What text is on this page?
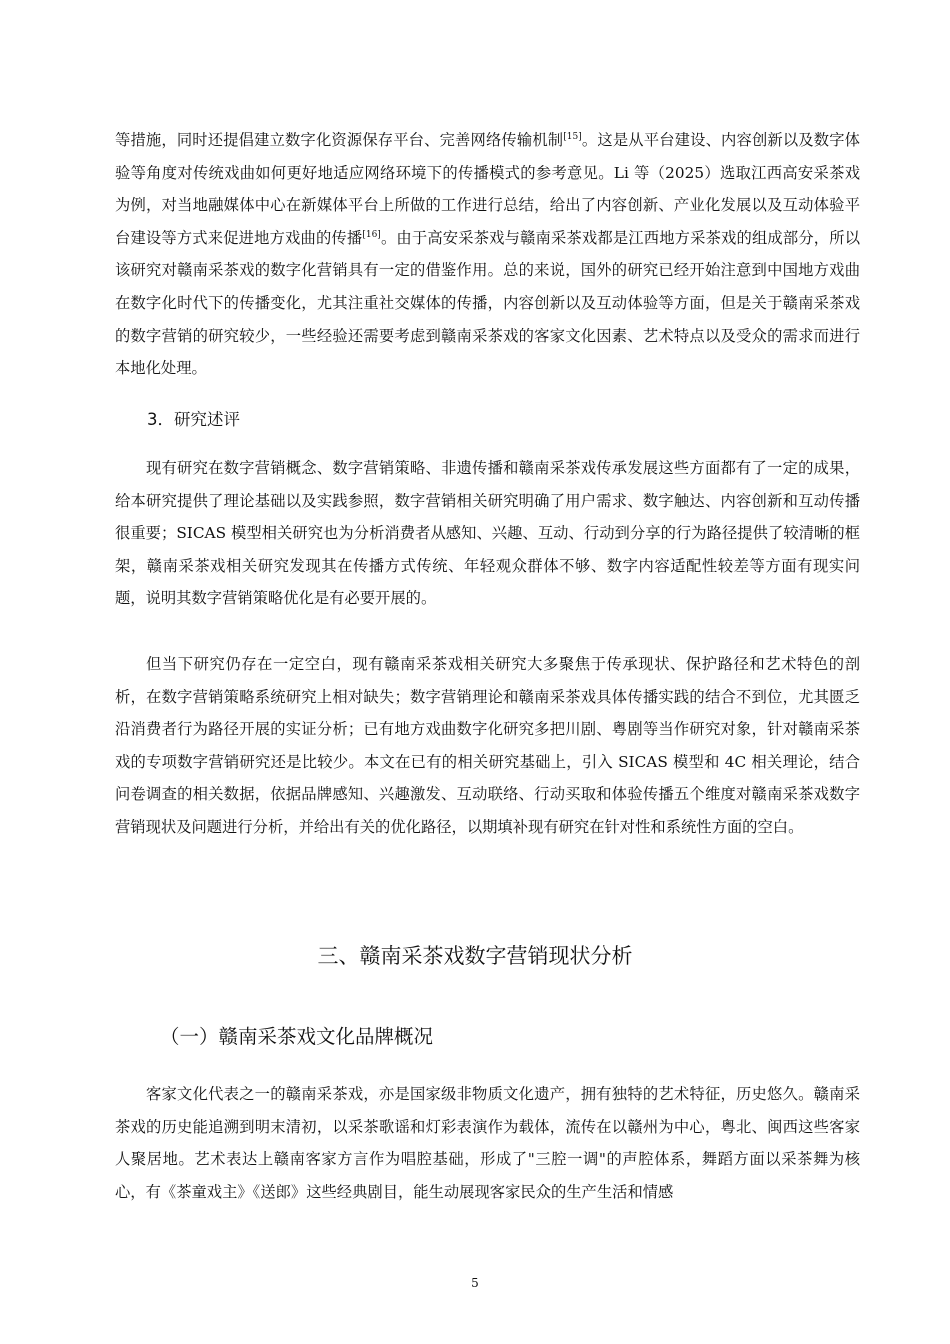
等措施，同时还提倡建立数字化资源保存平台、完善网络传输机制[15]。这是从平台建设、内容创新以及数字体验等角度对传统戏曲如何更好地适应网络环境下的传播模式的参考意见。Li 等（2025）选取江西高安采茶戏为例，对当地融媒体中心在新媒体平台上所做的工作进行总结，给出了内容创新、产业化发展以及互动体验平台建设等方式来促进地方戏曲的传播[16]。由于高安采茶戏与赣南采茶戏都是江西地方采茶戏的组成部分，所以该研究对赣南采茶戏的数字化营销具有一定的借鉴作用。总的来说，国外的研究已经开始注意到中国地方戏曲在数字化时代下的传播变化，尤其注重社交媒体的传播，内容创新以及互动体验等方面，但是关于赣南采茶戏的数字营销的研究较少，一些经验还需要考虑到赣南采茶戏的客家文化因素、艺术特点以及受众的需求而进行本地化处理。

3．研究述评

现有研究在数字营销概念、数字营销策略、非遗传播和赣南采茶戏传承发展这些方面都有了一定的成果，给本研究提供了理论基础以及实践参照，数字营销相关研究明确了用户需求、数字触达、内容创新和互动传播很重要；SICAS 模型相关研究也为分析消费者从感知、兴趣、互动、行动到分享的行为路径提供了较清晰的框架，赣南采茶戏相关研究发现其在传播方式传统、年轻观众群体不够、数字内容适配性较差等方面有现实问题，说明其数字营销策略优化是有必要开展的。

但当下研究仍存在一定空白，现有赣南采茶戏相关研究大多聚焦于传承现状、保护路径和艺术特色的剖析，在数字营销策略系统研究上相对缺失；数字营销理论和赣南采茶戏具体传播实践的结合不到位，尤其匮乏沿消费者行为路径开展的实证分析；已有地方戏曲数字化研究多把川剧、粤剧等当作研究对象，针对赣南采茶戏的专项数字营销研究还是比较少。本文在已有的相关研究基础上，引入 SICAS 模型和 4C 相关理论，结合问卷调查的相关数据，依据品牌感知、兴趣激发、互动联络、行动买取和体验传播五个维度对赣南采茶戏数字营销现状及问题进行分析，并给出有关的优化路径，以期填补现有研究在针对性和系统性方面的空白。

三、赣南采茶戏数字营销现状分析
（一）赣南采茶戏文化品牌概况

客家文化代表之一的赣南采茶戏，亦是国家级非物质文化遗产，拥有独特的艺术特征，历史悠久。赣南采茶戏的历史能追溯到明末清初，以采茶歌谣和灯彩表演作为载体，流传在以赣州为中心，粤北、闽西这些客家人聚居地。艺术表达上赣南客家方言作为唱腔基础，形成了"三腔一调"的声腔体系，舞蹈方面以采茶舞为核心，有《茶童戏主》《送郎》这些经典剧目，能生动展现客家民众的生产生活和情感

5
